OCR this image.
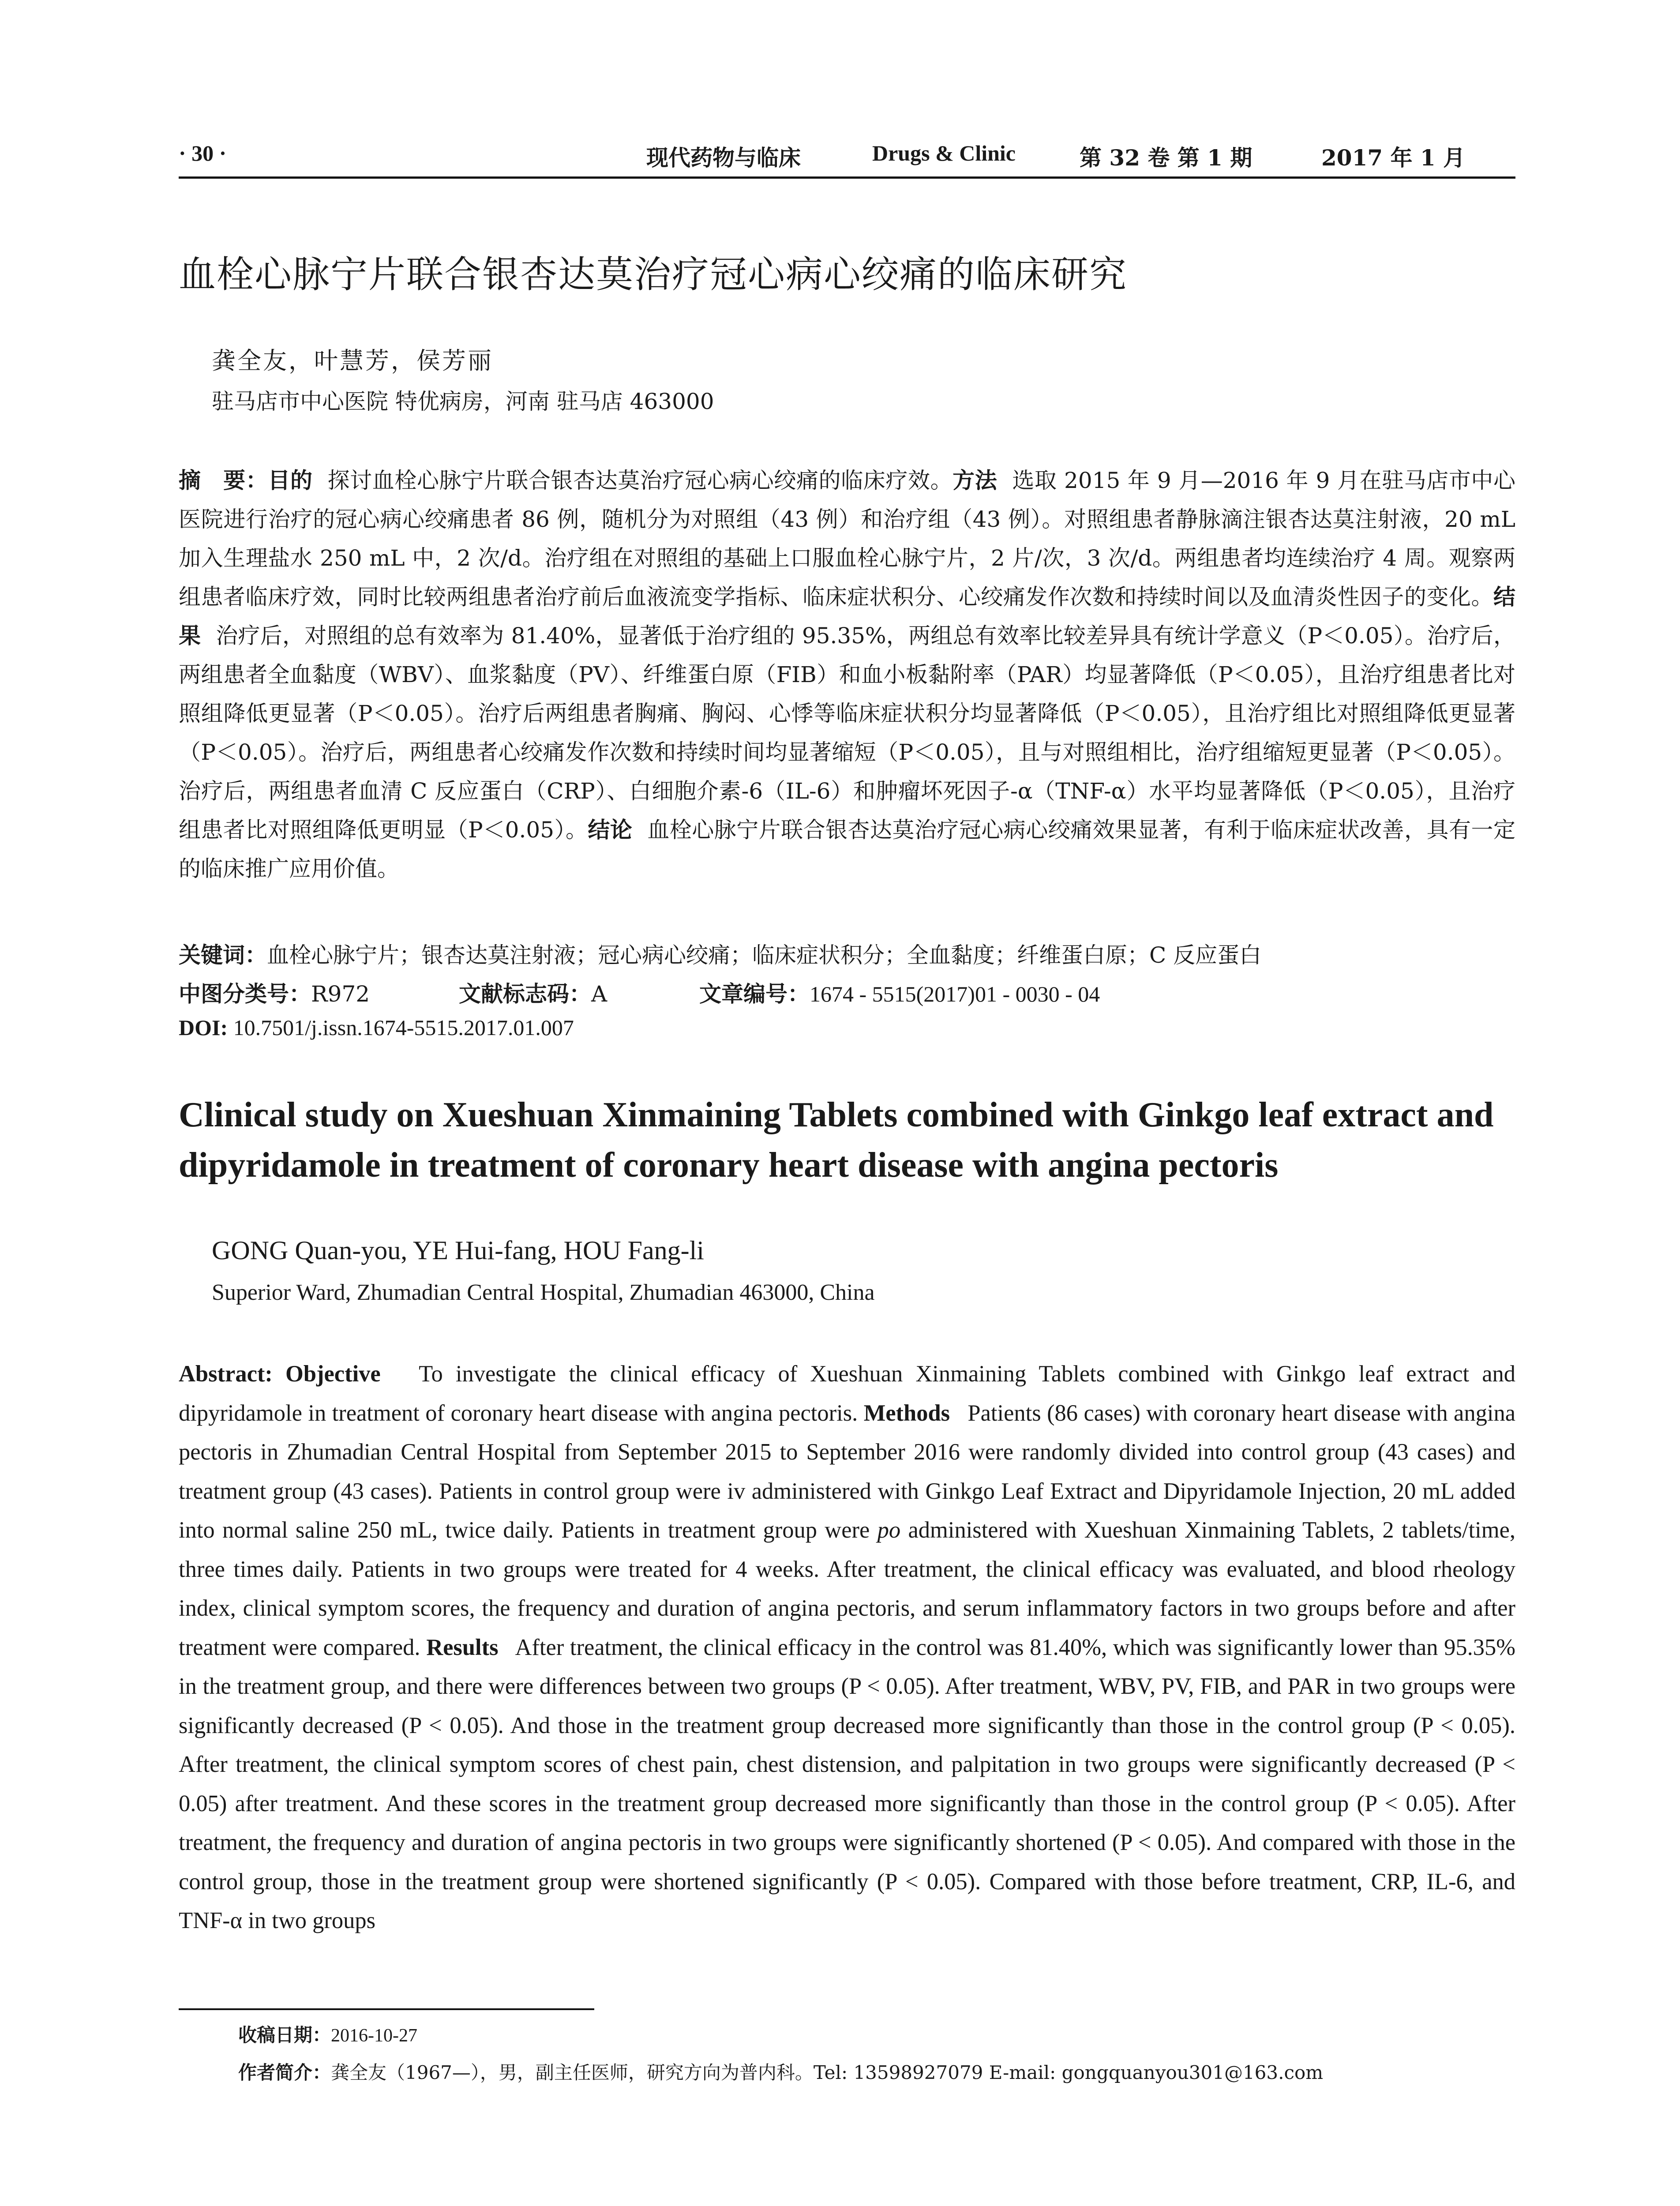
· 30 ·	现代药物与临床	Drugs & Clinic	第 32 卷 第 1 期	2017 年 1 月
血栓心脉宁片联合银杏达莫治疗冠心病心绞痛的临床研究
龚全友，叶慧芳，侯芳丽
驻马店市中心医院 特优病房，河南 驻马店 463000
摘　要：目的 探讨血栓心脉宁片联合银杏达莫治疗冠心病心绞痛的临床疗效。方法 选取 2015 年 9 月—2016 年 9 月在驻马店市中心医院进行治疗的冠心病心绞痛患者 86 例，随机分为对照组（43 例）和治疗组（43 例）。对照组患者静脉滴注银杏达莫注射液，20 mL 加入生理盐水 250 mL 中，2 次/d。治疗组在对照组的基础上口服血栓心脉宁片，2 片/次，3 次/d。两组患者均连续治疗 4 周。观察两组患者临床疗效，同时比较两组患者治疗前后血液流变学指标、临床症状积分、心绞痛发作次数和持续时间以及血清炎性因子的变化。结果 治疗后，对照组的总有效率为 81.40%，显著低于治疗组的 95.35%，两组总有效率比较差异具有统计学意义（P＜0.05）。治疗后，两组患者全血黏度（WBV）、血浆黏度（PV）、纤维蛋白原（FIB）和血小板黏附率（PAR）均显著降低（P＜0.05），且治疗组患者比对照组降低更显著（P＜0.05）。治疗后两组患者胸痛、胸闷、心悸等临床症状积分均显著降低（P＜0.05），且治疗组比对照组降低更显著（P＜0.05）。治疗后，两组患者心绞痛发作次数和持续时间均显著缩短（P＜0.05），且与对照组相比，治疗组缩短更显著（P＜0.05）。治疗后，两组患者血清 C 反应蛋白（CRP）、白细胞介素-6（IL-6）和肿瘤坏死因子-α（TNF-α）水平均显著降低（P＜0.05），且治疗组患者比对照组降低更明显（P＜0.05）。结论 血栓心脉宁片联合银杏达莫治疗冠心病心绞痛效果显著，有利于临床症状改善，具有一定的临床推广应用价值。
关键词：血栓心脉宁片；银杏达莫注射液；冠心病心绞痛；临床症状积分；全血黏度；纤维蛋白原；C 反应蛋白
中图分类号：R972	文献标志码：A	文章编号：1674 - 5515(2017)01 - 0030 - 04
DOI: 10.7501/j.issn.1674-5515.2017.01.007
Clinical study on Xueshuan Xinmaining Tablets combined with Ginkgo leaf extract and dipyridamole in treatment of coronary heart disease with angina pectoris
GONG Quan-you, YE Hui-fang, HOU Fang-li
Superior Ward, Zhumadian Central Hospital, Zhumadian 463000, China
Abstract: Objective To investigate the clinical efficacy of Xueshuan Xinmaining Tablets combined with Ginkgo leaf extract and dipyridamole in treatment of coronary heart disease with angina pectoris. Methods Patients (86 cases) with coronary heart disease with angina pectoris in Zhumadian Central Hospital from September 2015 to September 2016 were randomly divided into control group (43 cases) and treatment group (43 cases). Patients in control group were iv administered with Ginkgo Leaf Extract and Dipyridamole Injection, 20 mL added into normal saline 250 mL, twice daily. Patients in treatment group were po administered with Xueshuan Xinmaining Tablets, 2 tablets/time, three times daily. Patients in two groups were treated for 4 weeks. After treatment, the clinical efficacy was evaluated, and blood rheology index, clinical symptom scores, the frequency and duration of angina pectoris, and serum inflammatory factors in two groups before and after treatment were compared. Results After treatment, the clinical efficacy in the control was 81.40%, which was significantly lower than 95.35% in the treatment group, and there were differences between two groups (P < 0.05). After treatment, WBV, PV, FIB, and PAR in two groups were significantly decreased (P < 0.05). And those in the treatment group decreased more significantly than those in the control group (P < 0.05). After treatment, the clinical symptom scores of chest pain, chest distension, and palpitation in two groups were significantly decreased (P < 0.05) after treatment. And these scores in the treatment group decreased more significantly than those in the control group (P < 0.05). After treatment, the frequency and duration of angina pectoris in two groups were significantly shortened (P < 0.05). And compared with those in the control group, those in the treatment group were shortened significantly (P < 0.05). Compared with those before treatment, CRP, IL-6, and TNF-α in two groups
收稿日期：2016-10-27
作者简介：龚全友（1967—），男，副主任医师，研究方向为普内科。Tel: 13598927079 E-mail: gongquanyou301@163.com
